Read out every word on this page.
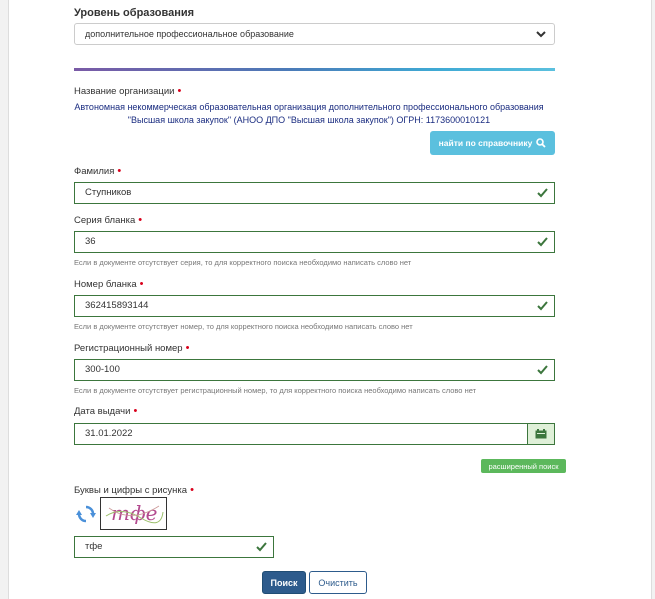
Уровень образования
дополнительное профессиональное образование
Название организации •
Автономная некоммерческая образовательная организация дополнительного профессионального образования "Высшая школа закупок" (АНОО ДПО "Высшая школа закупок") ОГРН: 1173600010121
найти по справочнику
Фамилия •
Ступников
Серия бланка •
36
Если в документе отсутствует серия, то для корректного поиска необходимо написать слово нет
Номер бланка •
362415893144
Если в документе отсутствует номер, то для корректного поиска необходимо написать слово нет
Регистрационный номер •
300-100
Если в документе отсутствует регистрационный номер, то для корректного поиска необходимо написать слово нет
Дата выдачи •
31.01.2022
расширенный поиск
Буквы и цифры с рисунка •
тфе
тфе
Поиск	Очистить
